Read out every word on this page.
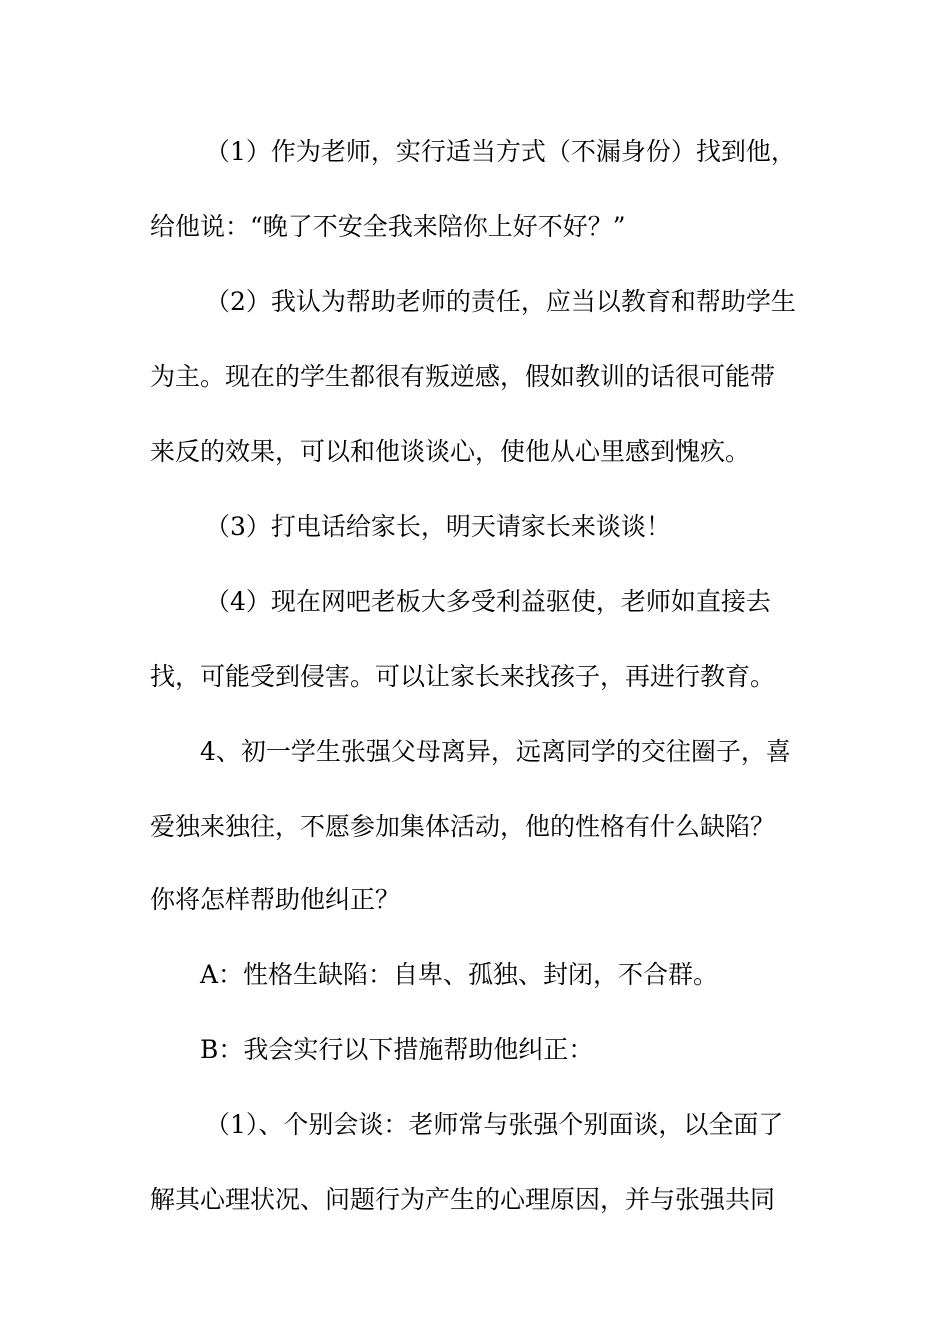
（1）作为老师，实行适当方式（不漏身份）找到他，
给他说：“晚了不安全我来陪你上好不好？”
（2）我认为帮助老师的责任，应当以教育和帮助学生
为主。现在的学生都很有叛逆感，假如教训的话很可能带
来反的效果，可以和他谈谈心，使他从心里感到愧疚。
（3）打电话给家长，明天请家长来谈谈！
（4）现在网吧老板大多受利益驱使，老师如直接去
找，可能受到侵害。可以让家长来找孩子，再进行教育。
4、初一学生张强父母离异，远离同学的交往圈子，喜
爱独来独往，不愿参加集体活动，他的性格有什么缺陷？
你将怎样帮助他纠正？
A：性格生缺陷：自卑、孤独、封闭，不合群。
B：我会实行以下措施帮助他纠正：
（1）、个别会谈：老师常与张强个别面谈，以全面了
解其心理状况、问题行为产生的心理原因，并与张强共同
